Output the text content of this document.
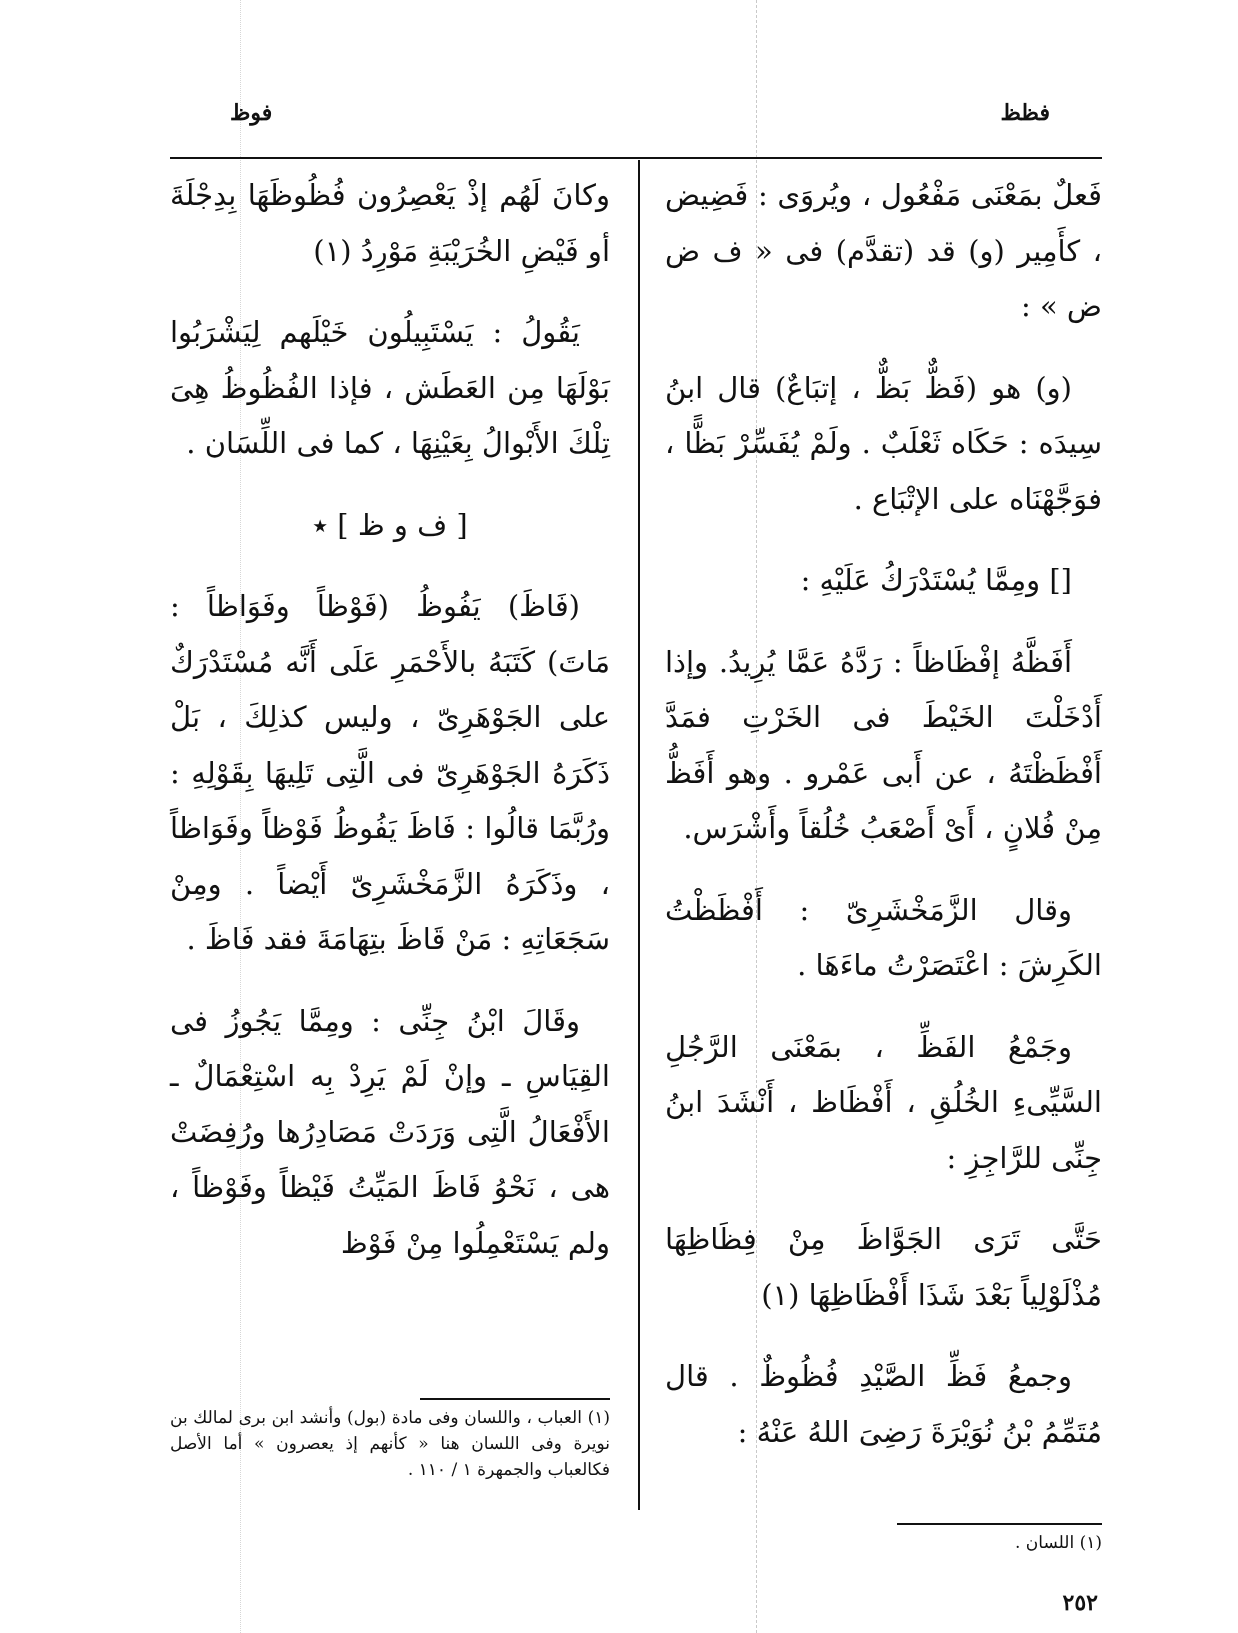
فظظ
فوظ

فَعلٌ بمَعْنَى مَفْعُول ، ويُروَى : فَضِيض ، كأَمِير (و) قد (تقدَّم) فى « ف ض ض » :

(و) هو (فَظٌّ بَظٌّ ، إتبَاعٌ) قال ابنُ سِيدَه : حَكَاه ثَعْلَبٌ . ولَمْ يُفَسِّرْ بَظًّا ، فوَجَّهْنَاه على الإتْبَاع .

[] ومِمَّا يُسْتَدْرَكُ عَلَيْهِ :

أَفَظَّهُ إفْظَاظاً : رَدَّهُ عَمَّا يُرِيدُ. وإذا أَدْخَلْتَ الخَيْطَ فى الخَرْتِ فمَدَّ أَفْظَظْتَهُ ، عن أَبى عَمْرو . وهو أَفَظُّ مِنْ فُلانٍ ، أَىْ أَصْعَبُ خُلُقاً وأَشْرَس.

وقال الزَّمَخْشَرِىّ : أَفْظَظْتُ الكَرِشَ : اعْتَصَرْتُ ماءَهَا .

وجَمْعُ الفَظِّ ، بمَعْنَى الرَّجُلِ السَّيِّىءِ الخُلُقِ ، أَفْظَاظ ، أَنْشَدَ ابنُ جِنِّى للرَّاجِزِ :

حَتَّى تَرَى الجَوَّاظَ مِنْ فِظَاظِهَا مُذْلَوْلِياً بَعْدَ شَذَا أَفْظَاظِهَا (١)

وجمعُ فَظِّ الصَّيْدِ فُظُوظٌ . قال مُتَمِّمُ بْنُ نُوَيْرَةَ رَضِىَ اللهُ عَنْهُ :

(١) اللسان .

وكانَ لَهُم إذْ يَعْصِرُون فُظُوظَهَا بِدِجْلَةَ أو فَيْضِ الخُرَيْبَةِ مَوْرِدُ (١)

يَقُولُ : يَسْتَبِيلُون خَيْلَهم لِيَشْرَبُوا بَوْلَهَا مِن العَطَش ، فإذا الفُظُوظُ هِىَ تِلْكَ الأَبْوالُ بِعَيْنِهَا ، كما فى اللِّسَان .

[ ف و ظ ] ٭

(فَاظَ) يَفُوظُ (فَوْظاً وفَوَاظاً : مَاتَ) كَتَبَهُ بالأَحْمَرِ عَلَى أَنَّه مُسْتَدْرَكٌ على الجَوْهَرِىّ ، وليس كذلِكَ ، بَلْ ذَكَرَهُ الجَوْهَرِىّ فى الَّتِى تَلِيهَا بِقَوْلِهِ : ورُبَّمَا قالُوا : فَاظَ يَفُوظُ فَوْظاً وفَوَاظاً ، وذَكَرَهُ الزَّمَخْشَرِىّ أَيْضاً . ومِنْ سَجَعَاتِهِ : مَنْ قَاظَ بتِهَامَةَ فقد فَاظَ .

وقَالَ ابْنُ جِنِّى : ومِمَّا يَجُوزُ فى القِيَاسِ ـ وإنْ لَمْ يَرِدْ بِه اسْتِعْمَالٌ ـ الأَفْعَالُ الَّتِى وَرَدَتْ مَصَادِرُها ورُفِضَتْ هى ، نَحْوُ فَاظَ المَيِّتُ فَيْظاً وفَوْظاً ، ولم يَسْتَعْمِلُوا مِنْ فَوْظ

(١) العباب ، واللسان وفى مادة (بول) وأنشد ابن برى لمالك بن نويرة وفى اللسان هنا « كأنهم إذ يعصرون » أما الأصل فكالعباب والجمهرة ١ / ١١٠ .
٢٥٢
